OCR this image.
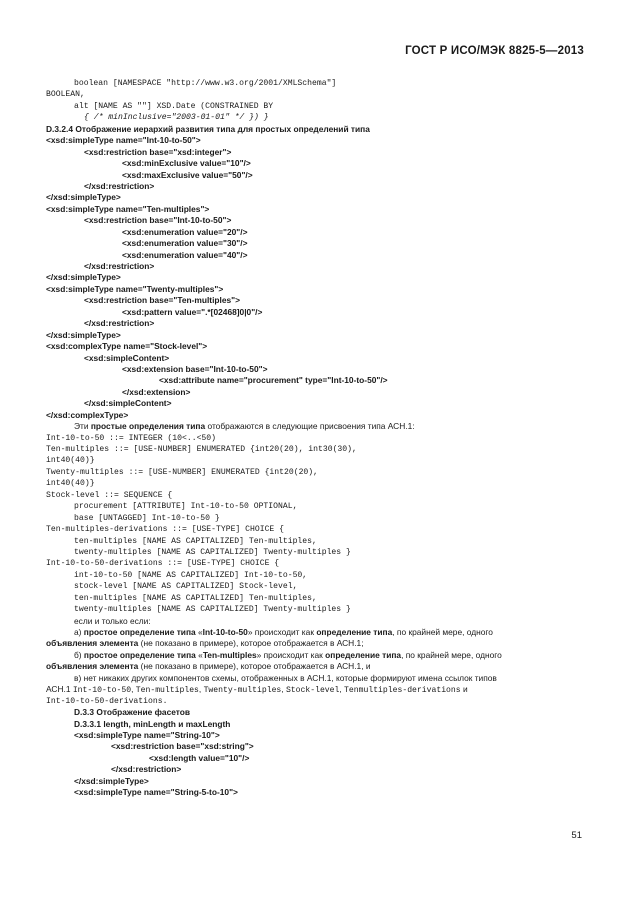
ГОСТ Р ИСО/МЭК 8825-5—2013
boolean [NAMESPACE "http://www.w3.org/2001/XMLSchema"]
BOOLEAN,
alt [NAME AS ""] XSD.Date (CONSTRAINED BY
{ /* minInclusive="2003-01-01" */ }) }
D.3.2.4 Отображение иерархий развития типа для простых определений типа
<xsd:simpleType name="Int-10-to-50">
<xsd:restriction base="xsd:integer">
<xsd:minExclusive value="10"/>
<xsd:maxExclusive value="50"/>
</xsd:restriction>
</xsd:simpleType>
<xsd:simpleType name="Ten-multiples">
<xsd:restriction base="Int-10-to-50">
<xsd:enumeration value="20"/>
<xsd:enumeration value="30"/>
<xsd:enumeration value="40"/>
</xsd:restriction>
</xsd:simpleType>
<xsd:simpleType name="Twenty-multiples">
<xsd:restriction base="Ten-multiples">
<xsd:pattern value=".*[02468]0|0"/>
</xsd:restriction>
</xsd:simpleType>
<xsd:complexType name="Stock-level">
<xsd:simpleContent>
<xsd:extension base="Int-10-to-50">
<xsd:attribute name="procurement" type="Int-10-to-50"/>
</xsd:extension>
</xsd:simpleContent>
</xsd:complexType>
Эти простые определения типа отображаются в следующие присвоения типа АСН.1:
Int-10-to-50 ::= INTEGER (10<..<50)
Ten-multiples ::= [USE-NUMBER] ENUMERATED {int20(20), int30(30),
int40(40)}
Twenty-multiples ::= [USE-NUMBER] ENUMERATED {int20(20),
int40(40)}
Stock-level ::= SEQUENCE {
procurement [ATTRIBUTE] Int-10-to-50 OPTIONAL,
base [UNTAGGED] Int-10-to-50 }
Ten-multiples-derivations ::= [USE-TYPE] CHOICE {
ten-multiples [NAME AS CAPITALIZED] Ten-multiples,
twenty-multiples [NAME AS CAPITALIZED] Twenty-multiples }
Int-10-to-50-derivations ::= [USE-TYPE] CHOICE {
int-10-to-50 [NAME AS CAPITALIZED] Int-10-to-50,
stock-level [NAME AS CAPITALIZED] Stock-level,
ten-multiples [NAME AS CAPITALIZED] Ten-multiples,
twenty-multiples [NAME AS CAPITALIZED] Twenty-multiples }
если и только если:
а) простое определение типа «Int-10-to-50» происходит как определение типа, по крайней мере, одного
объявления элемента (не показано в примере), которое отображается в АСН.1;
б) простое определение типа «Ten-multiples» происходит как определение типа, по крайней мере, одного
объявления элемента (не показано в примере), которое отображается в АСН.1, и
в) нет никаких других компонентов схемы, отображенных в АСН.1, которые формируют имена ссылок типов
АСН.1 Int-10-to-50, Ten-multiples, Twenty-multiples, Stock-level, Tenmultiples-derivations и
Int-10-to-50-derivations.
D.3.3 Отображение фасетов
D.3.3.1 length, minLength и maxLength
<xsd:simpleType name="String-10">
<xsd:restriction base="xsd:string">
<xsd:length value="10"/>
</xsd:restriction>
</xsd:simpleType>
<xsd:simpleType name="String-5-to-10">
51
